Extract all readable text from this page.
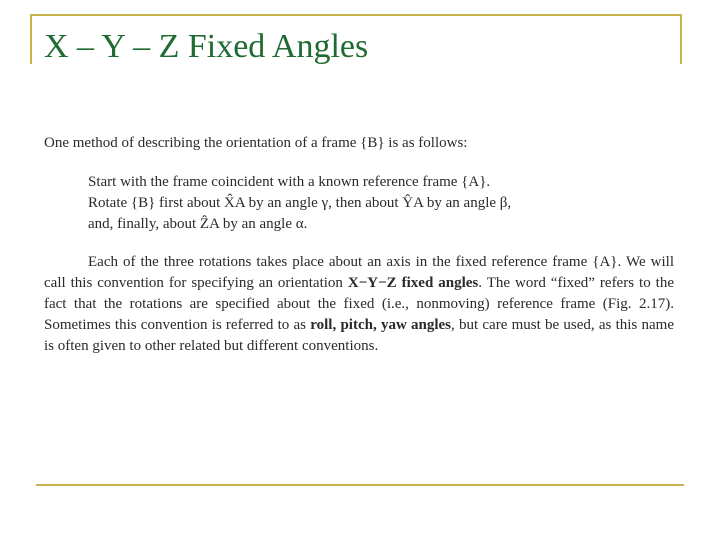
X – Y – Z Fixed Angles

One method of describing the orientation of a frame {B} is as follows:

Start with the frame coincident with a known reference frame {A}.
Rotate {B} first about X̂A by an angle γ, then about ŶA by an angle β,
and, finally, about ẐA by an angle α.

Each of the three rotations takes place about an axis in the fixed reference frame {A}. We will call this convention for specifying an orientation X−Y−Z fixed angles. The word “fixed” refers to the fact that the rotations are specified about the fixed (i.e., nonmoving) reference frame (Fig. 2.17). Sometimes this convention is referred to as roll, pitch, yaw angles, but care must be used, as this name is often given to other related but different conventions.
